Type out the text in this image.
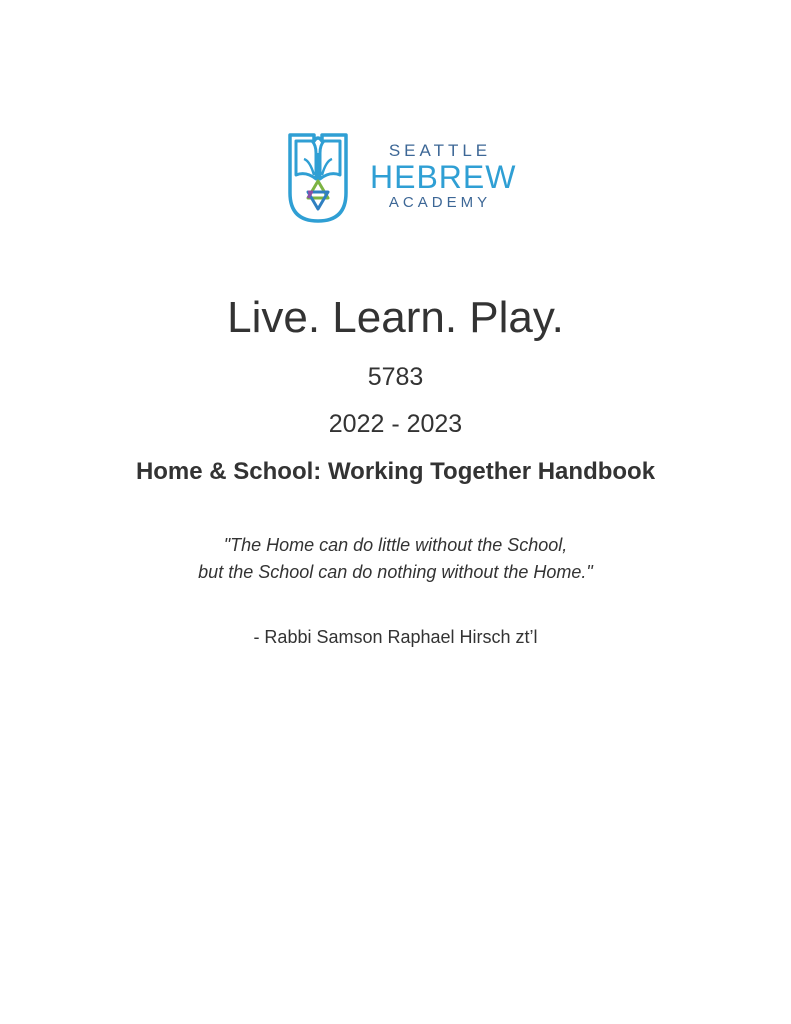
SEATTLE
HEBREW
ACADEMY
Live. Learn. Play.
5783
2022 - 2023
Home & School: Working Together Handbook
"The Home can do little without the School,
but the School can do nothing without the Home."
- Rabbi Samson Raphael Hirsch zt’l
